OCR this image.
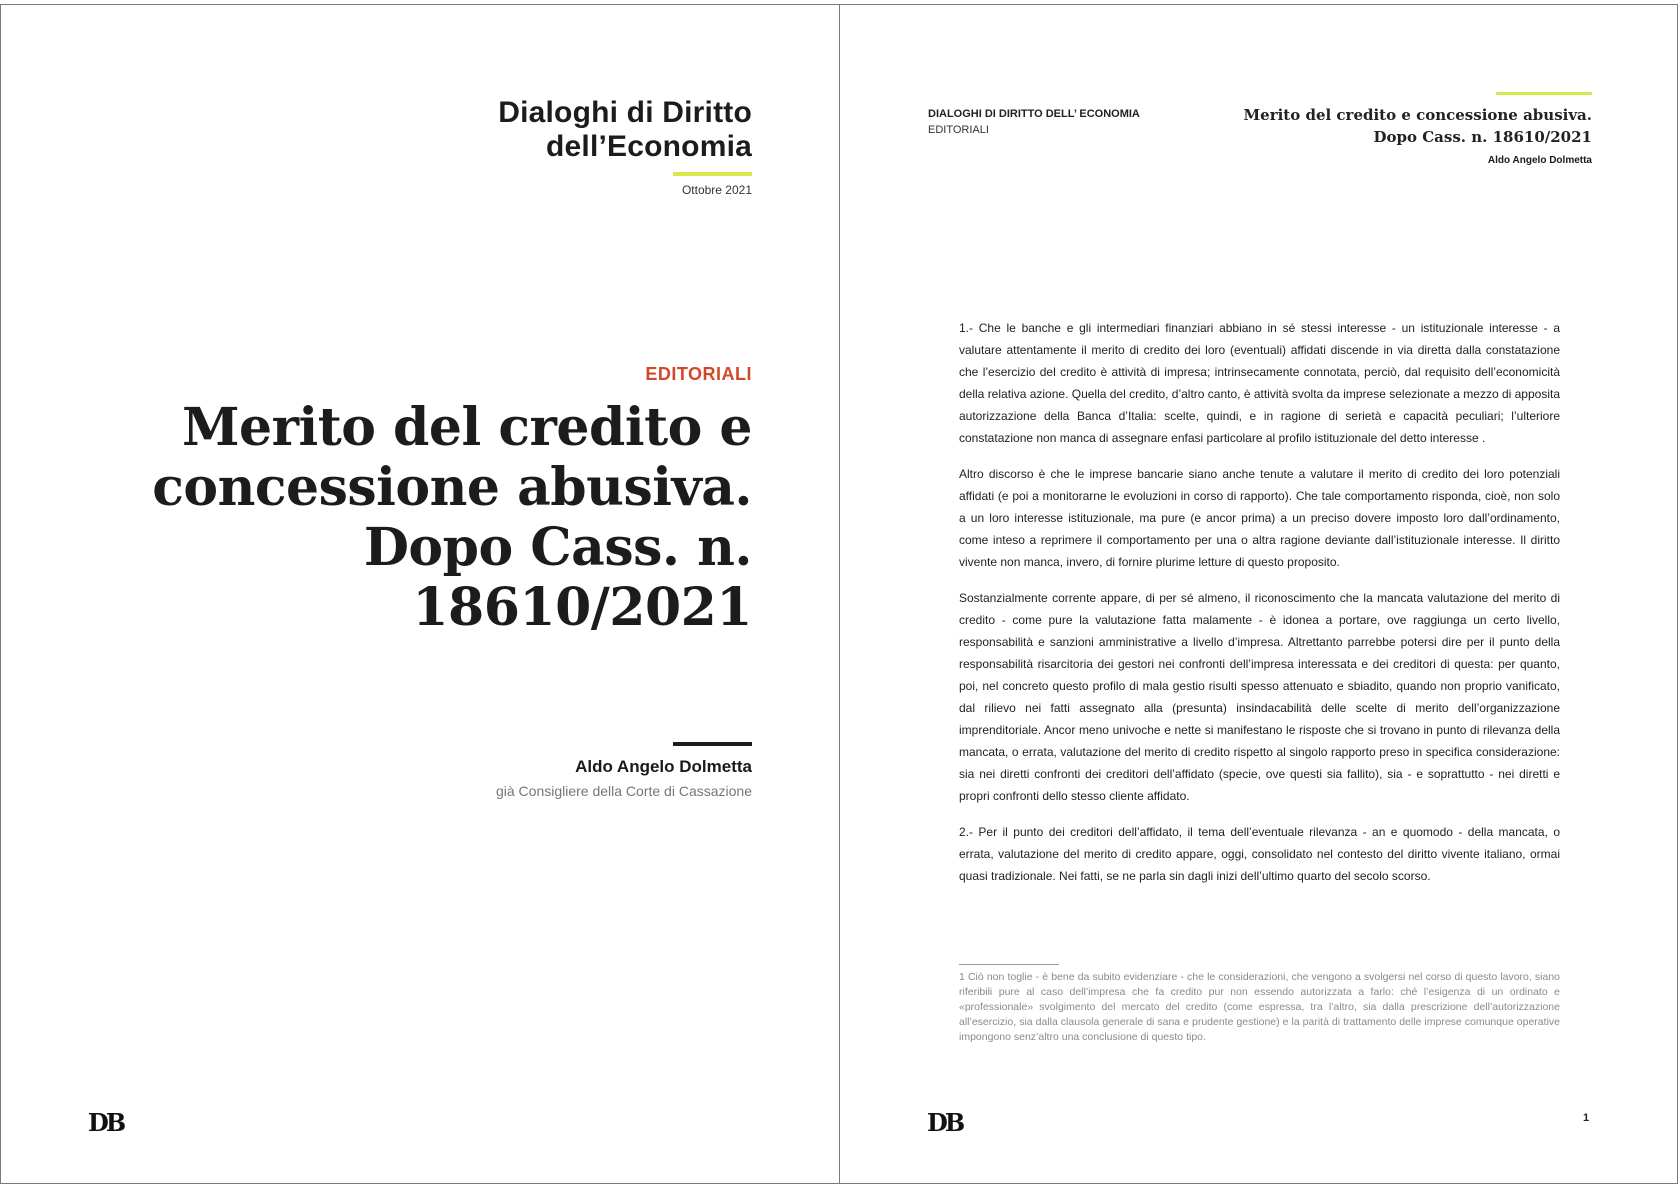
Dialoghi di Diritto
dell’Economia
Ottobre 2021
EDITORIALI
Merito del credito e
concessione abusiva.
Dopo Cass. n.
18610/2021
Aldo Angelo Dolmetta
già Consigliere della Corte di Cassazione
DB
DIALOGHI DI DIRITTO DELL’ ECONOMIA
EDITORIALI
Merito del credito e concessione abusiva.
Dopo Cass. n. 18610/2021
Aldo Angelo Dolmetta

1.- Che le banche e gli intermediari finanziari abbiano in sé stessi interesse - un istituzionale interesse - a valutare attentamente il merito di credito dei loro (eventuali) affidati discende in via diretta dalla constatazione che l’esercizio del credito è attività di impresa; intrinsecamente connotata, perciò, dal requisito dell’economicità della relativa azione. Quella del credito, d’altro canto, è attività svolta da imprese selezionate a mezzo di apposita autorizzazione della Banca d’Italia: scelte, quindi, e in ragione di serietà e capacità peculiari; l’ulteriore constatazione non manca di assegnare enfasi particolare al profilo istituzionale del detto interesse .

Altro discorso è che le imprese bancarie siano anche tenute a valutare il merito di credito dei loro potenziali affidati (e poi a monitorarne le evoluzioni in corso di rapporto). Che tale comportamento risponda, cioè, non solo a un loro interesse istituzionale, ma pure (e ancor prima) a un preciso dovere imposto loro dall’ordinamento, come inteso a reprimere il comportamento per una o altra ragione deviante dall’istituzionale interesse. Il diritto vivente non manca, invero, di fornire plurime letture di questo proposito.

Sostanzialmente corrente appare, di per sé almeno, il riconoscimento che la mancata valutazione del merito di credito - come pure la valutazione fatta malamente - è idonea a portare, ove raggiunga un certo livello, responsabilità e sanzioni amministrative a livello d’impresa. Altrettanto parrebbe potersi dire per il punto della responsabilità risarcitoria dei gestori nei confronti dell’impresa interessata e dei creditori di questa: per quanto, poi, nel concreto questo profilo di mala gestio risulti spesso attenuato e sbiadito, quando non proprio vanificato, dal rilievo nei fatti assegnato alla (presunta) insindacabilità delle scelte di merito dell’organizzazione imprenditoriale. Ancor meno univoche e nette si manifestano le risposte che si trovano in punto di rilevanza della mancata, o errata, valutazione del merito di credito rispetto al singolo rapporto preso in specifica considerazione: sia nei diretti confronti dei creditori dell’affidato (specie, ove questi sia fallito), sia - e soprattutto - nei diretti e propri confronti dello stesso cliente affidato.

2.- Per il punto dei creditori dell’affidato, il tema dell’eventuale rilevanza - an e quomodo - della mancata, o errata, valutazione del merito di credito appare, oggi, consolidato nel contesto del diritto vivente italiano, ormai quasi tradizionale. Nei fatti, se ne parla sin dagli inizi dell’ultimo quarto del secolo scorso.

1 Ciò non toglie - è bene da subito evidenziare - che le considerazioni, che vengono a svolgersi nel corso di questo lavoro, siano riferibili pure al caso dell’impresa che fa credito pur non essendo autorizzata a farlo: ché l’esigenza di un ordinato e «professionale» svolgimento del mercato del credito (come espressa, tra l’altro, sia dalla prescrizione dell’autorizzazione all’esercizio, sia dalla clausola generale di sana e prudente gestione) e la parità di trattamento delle imprese comunque operative impongono senz’altro una conclusione di questo tipo.
DB	1
